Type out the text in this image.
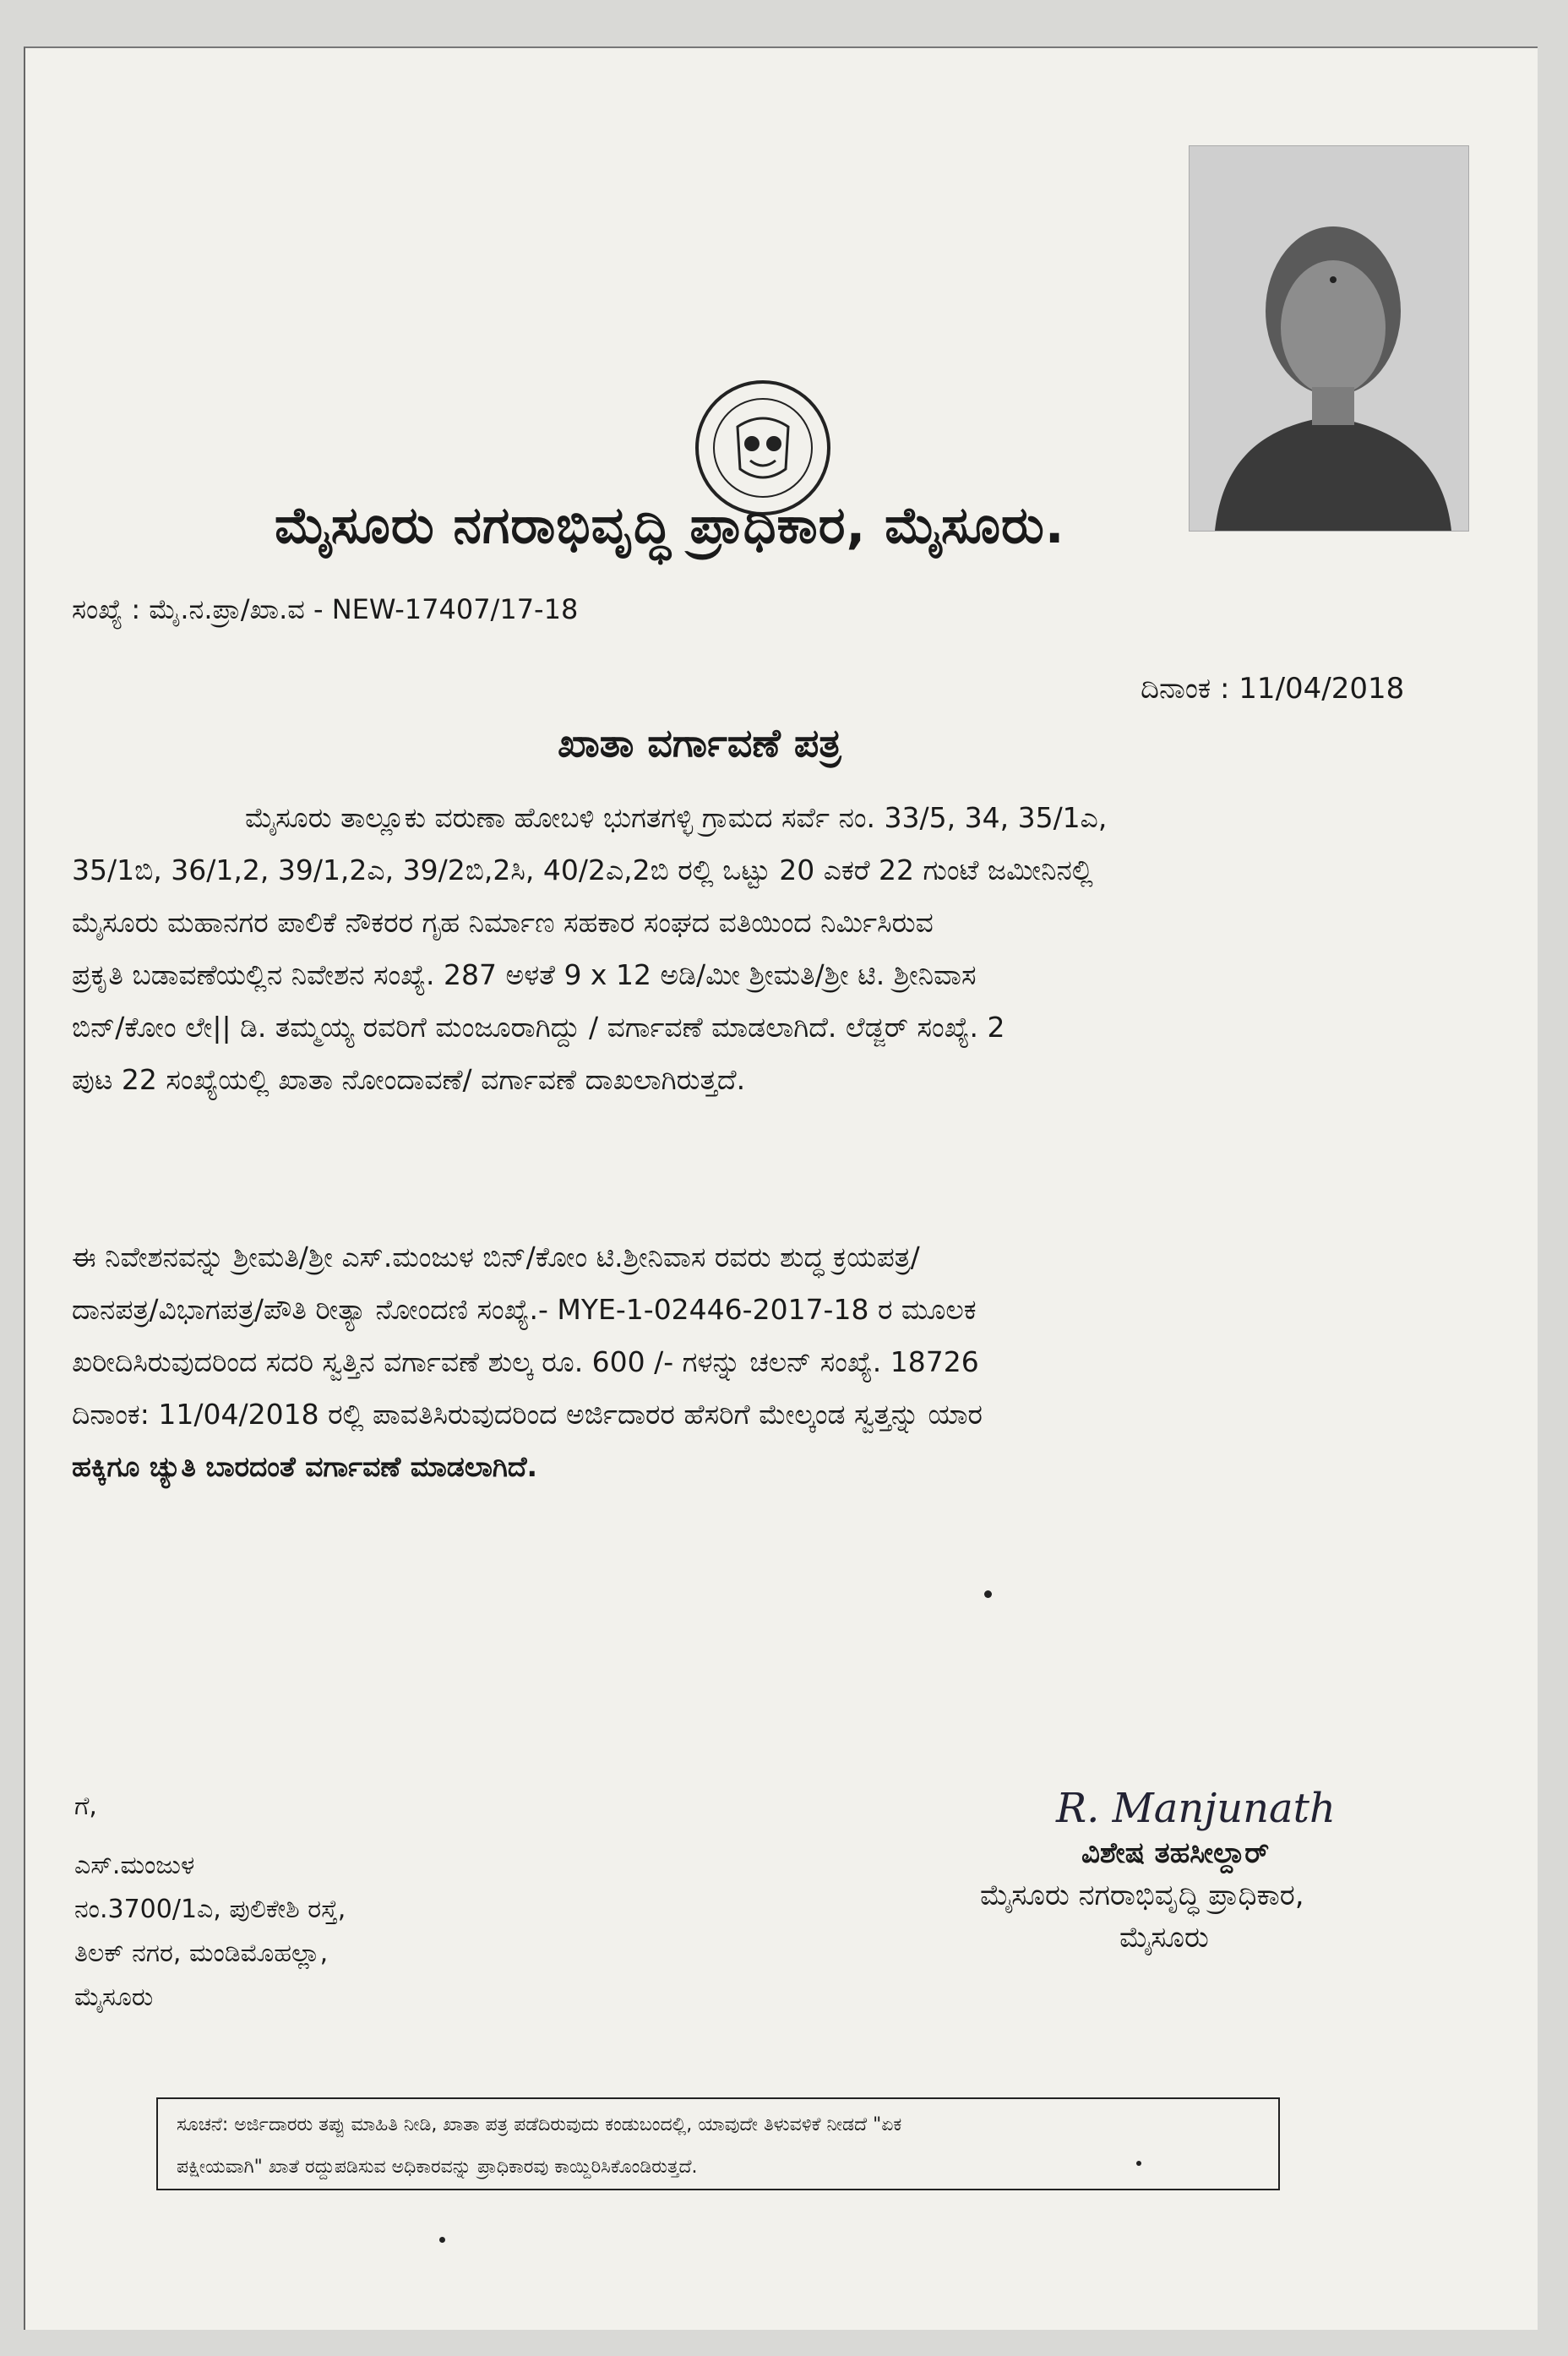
ಮೈಸೂರು ನಗರಾಭಿವೃದ್ಧಿ ಪ್ರಾಧಿಕಾರ, ಮೈಸೂರು.
ಸಂಖ್ಯೆ : ಮೈ.ನ.ಪ್ರಾ/ಖಾ.ವ - NEW-17407/17-18
ದಿನಾಂಕ : 11/04/2018
ಖಾತಾ ವರ್ಗಾವಣೆ ಪತ್ರ
ಮೈಸೂರು ತಾಲ್ಲೂಕು ವರುಣಾ ಹೋಬಳಿ ಭುಗತಗಳ್ಳಿ ಗ್ರಾಮದ ಸರ್ವೆ ನಂ. 33/5, 34, 35/1ಎ,
35/1ಬಿ, 36/1,2, 39/1,2ಎ, 39/2ಬಿ,2ಸಿ, 40/2ಎ,2ಬಿ ರಲ್ಲಿ ಒಟ್ಟು 20 ಎಕರೆ 22 ಗುಂಟೆ ಜಮೀನಿನಲ್ಲಿ
ಮೈಸೂರು ಮಹಾನಗರ ಪಾಲಿಕೆ ನೌಕರರ ಗೃಹ ನಿರ್ಮಾಣ ಸಹಕಾರ ಸಂಘದ ವತಿಯಿಂದ ನಿರ್ಮಿಸಿರುವ
ಪ್ರಕೃತಿ ಬಡಾವಣೆಯಲ್ಲಿನ ನಿವೇಶನ ಸಂಖ್ಯೆ. 287 ಅಳತೆ 9 x 12 ಅಡಿ/ಮೀ ಶ್ರೀಮತಿ/ಶ್ರೀ ಟಿ. ಶ್ರೀನಿವಾಸ
ಬಿನ್/ಕೋಂ ಲೇ|| ಡಿ. ತಮ್ಮಯ್ಯ ರವರಿಗೆ ಮಂಜೂರಾಗಿದ್ದು / ವರ್ಗಾವಣೆ ಮಾಡಲಾಗಿದೆ. ಲೆಡ್ಜರ್ ಸಂಖ್ಯೆ. 2
ಪುಟ 22 ಸಂಖ್ಯೆಯಲ್ಲಿ ಖಾತಾ ನೋಂದಾವಣೆ/ ವರ್ಗಾವಣೆ ದಾಖಲಾಗಿರುತ್ತದೆ.
ಈ ನಿವೇಶನವನ್ನು ಶ್ರೀಮತಿ/ಶ್ರೀ ಎಸ್.ಮಂಜುಳ ಬಿನ್/ಕೋಂ ಟಿ.ಶ್ರೀನಿವಾಸ ರವರು ಶುದ್ಧ ಕ್ರಯಪತ್ರ/
ದಾನಪತ್ರ/ವಿಭಾಗಪತ್ರ/ಪೌತಿ ರೀತ್ಯಾ ನೋಂದಣಿ ಸಂಖ್ಯೆ.- MYE-1-02446-2017-18 ರ ಮೂಲಕ
ಖರೀದಿಸಿರುವುದರಿಂದ ಸದರಿ ಸ್ವತ್ತಿನ ವರ್ಗಾವಣೆ ಶುಲ್ಕ ರೂ. 600 /- ಗಳನ್ನು ಚಲನ್ ಸಂಖ್ಯೆ. 18726
ದಿನಾಂಕ: 11/04/2018 ರಲ್ಲಿ ಪಾವತಿಸಿರುವುದರಿಂದ ಅರ್ಜಿದಾರರ ಹೆಸರಿಗೆ ಮೇಲ್ಕಂಡ ಸ್ವತ್ತನ್ನು ಯಾರ
ಹಕ್ಕಿಗೂ ಚ್ಯುತಿ ಬಾರದಂತೆ ವರ್ಗಾವಣೆ ಮಾಡಲಾಗಿದೆ.
ಗೆ,
ಎಸ್.ಮಂಜುಳ
ನಂ.3700/1ಎ, ಪುಲಿಕೇಶಿ ರಸ್ತೆ,
ತಿಲಕ್ ನಗರ, ಮಂಡಿಮೊಹಲ್ಲಾ,
ಮೈಸೂರು
R. Manjunath
ವಿಶೇಷ ತಹಸೀಲ್ದಾರ್
ಮೈಸೂರು ನಗರಾಭಿವೃದ್ಧಿ ಪ್ರಾಧಿಕಾರ,
ಮೈಸೂರು
ಸೂಚನೆ: ಅರ್ಜಿದಾರರು ತಪ್ಪು ಮಾಹಿತಿ ನೀಡಿ, ಖಾತಾ ಪತ್ರ ಪಡೆದಿರುವುದು ಕಂಡುಬಂದಲ್ಲಿ, ಯಾವುದೇ ತಿಳುವಳಿಕೆ ನೀಡದೆ "ಏಕ
ಪಕ್ಷೀಯವಾಗಿ" ಖಾತೆ ರದ್ದುಪಡಿಸುವ ಅಧಿಕಾರವನ್ನು ಪ್ರಾಧಿಕಾರವು ಕಾಯ್ದಿರಿಸಿಕೊಂಡಿರುತ್ತದೆ.
